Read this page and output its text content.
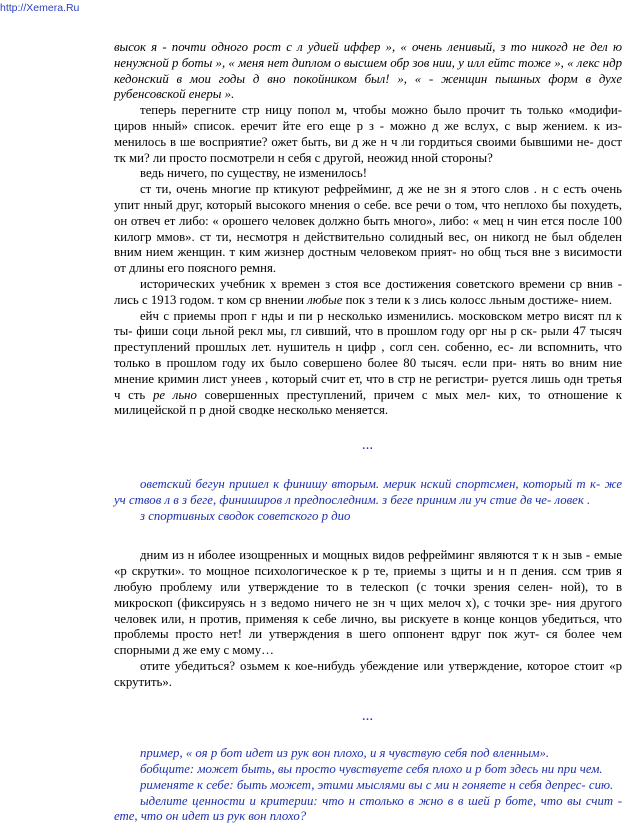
http://Xemera.Ru

высок я - почти одного рост с л удией иффер », « очень ленивый, з то никогд не дел ю ненужной р боты », « меня нет диплом о высшем обр зов нии, у илл ейтс тоже », « лекс ндр кедонский в мои годы д вно покойником был! », « - женщин пышных форм в духе рубенсовской енеры ».

теперь перегните стр ницу попол м, чтобы можно было прочит ть только «модифи- циров нный» список. еречит йте его еще р з - можно д же вслух, с выр жением. к из- менилось в ше восприятие? ожет быть, ви д же н ч ли гордиться своими бывшими не- дост тк ми? ли просто посмотрели н себя с другой, неожид нной стороны?

ведь ничего, по существу, не изменилось!

ст ти, очень многие пр ктикуют рефрейминг, д же не зн я этого слов . н с есть очень упит нный друг, который высокого мнения о себе. все речи о том, что неплохо бы похудеть, он отвеч ет либо: « орошего человек должно быть много», либо: « мец н чин ется после 100 килогр ммов». ст ти, несмотря н действительно солидный вес, он никогд не был обделен вним нием женщин. т ким жизнер достным человеком прият- но общ ться вне з висимости от длины его поясного ремня.

исторических учебник х времен з стоя все достижения советского времени ср внив - лись с 1913 годом. т ком ср внении любые пок з тели к з лись колосс льным достиже- нием.

ейч с приемы проп г нды и пи р несколько изменились. московском метро висят пл к ты- фиши соци льной рекл мы, гл сивший, что в прошлом году орг ны р ск- рыли 47 тысяч преступлений прошлых лет. нушитель н цифр , согл сен. собенно, ес- ли вспомнить, что только в прошлом году их было совершено более 80 тысяч. если при- нять во вним ние мнение кримин лист унеев , который счит ет, что в стр не регистри- руется лишь одн третья ч сть ре льно совершенных преступлений, причем с мых мел- ких, то отношение к милицейской п р дной сводке несколько меняется.

...

оветский бегун пришел к финишу вторым. мерик нский спортсмен, который т к- же уч ствов л в з беге, финиширов л предпоследним. з беге приним ли уч стие дв че- ловек .

з спортивных сводок советского р дио

дним из н иболее изощренных и мощных видов рефрейминг являются т к н зыв - емые «р скрутки». то мощное психологическое к р те, приемы з щиты и н п дения. ссм трив я любую проблему или утверждение то в телескоп (с точки зрения селен- ной), то в микроскоп (фиксируясь н з ведомо ничего не зн ч щих мелоч х), с точки зре- ния другого человек или, н против, применяя к себе лично, вы рискуете в конце концов убедиться, что проблемы просто нет! ли утверждения в шего оппонент вдруг пок жут- ся более чем спорными д же ему с мому…

отите убедиться? озьмем к кое-нибудь убеждение или утверждение, которое стоит «р скрутить».

...

пример, « оя р бот идет из рук вон плохо, и я чувствую себя под вленным».

бобщите: может быть, вы просто чувствуете себя плохо и р бот здесь ни при чем.

рименяте к себе: быть может, этими мыслями вы с ми н гоняете н себя депрес- сию.

ыделите ценности и критерии: что н столько в жно в в шей р боте, что вы счит - ете, что он идет из рук вон плохо?
